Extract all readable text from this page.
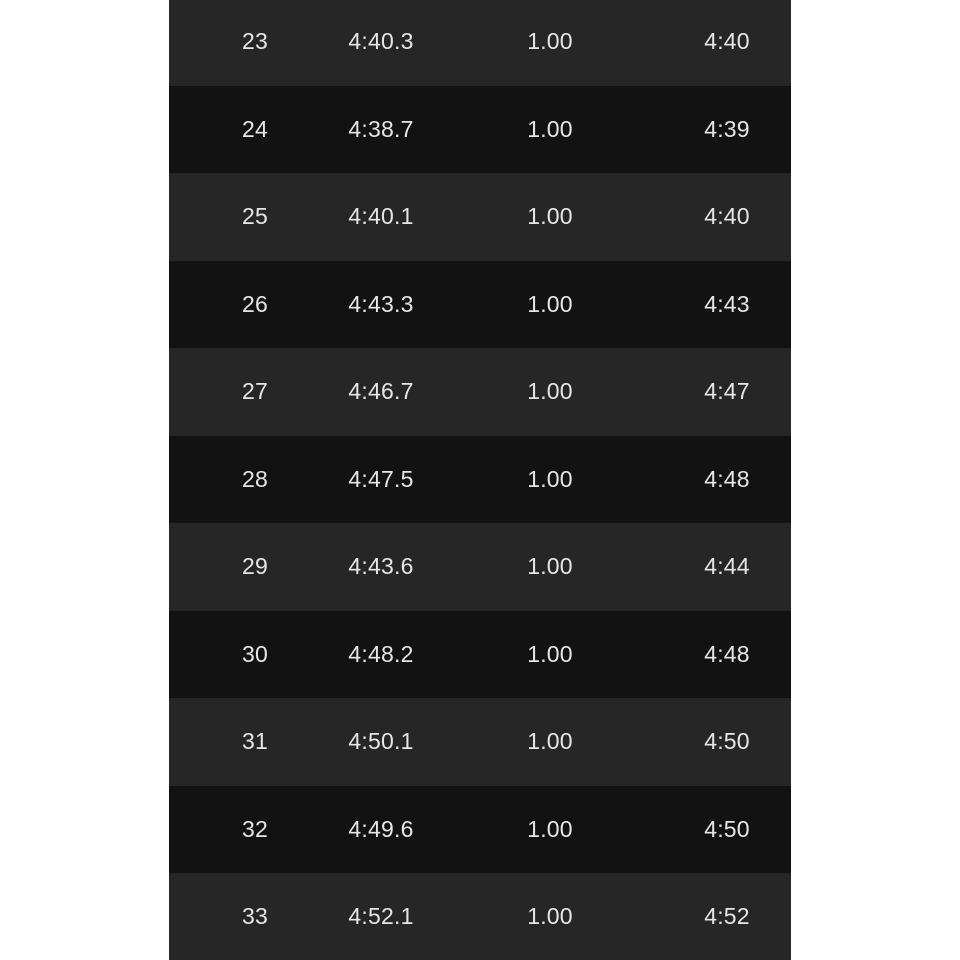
23	4:40.3	1.00	4:40
24	4:38.7	1.00	4:39
25	4:40.1	1.00	4:40
26	4:43.3	1.00	4:43
27	4:46.7	1.00	4:47
28	4:47.5	1.00	4:48
29	4:43.6	1.00	4:44
30	4:48.2	1.00	4:48
31	4:50.1	1.00	4:50
32	4:49.6	1.00	4:50
33	4:52.1	1.00	4:52
